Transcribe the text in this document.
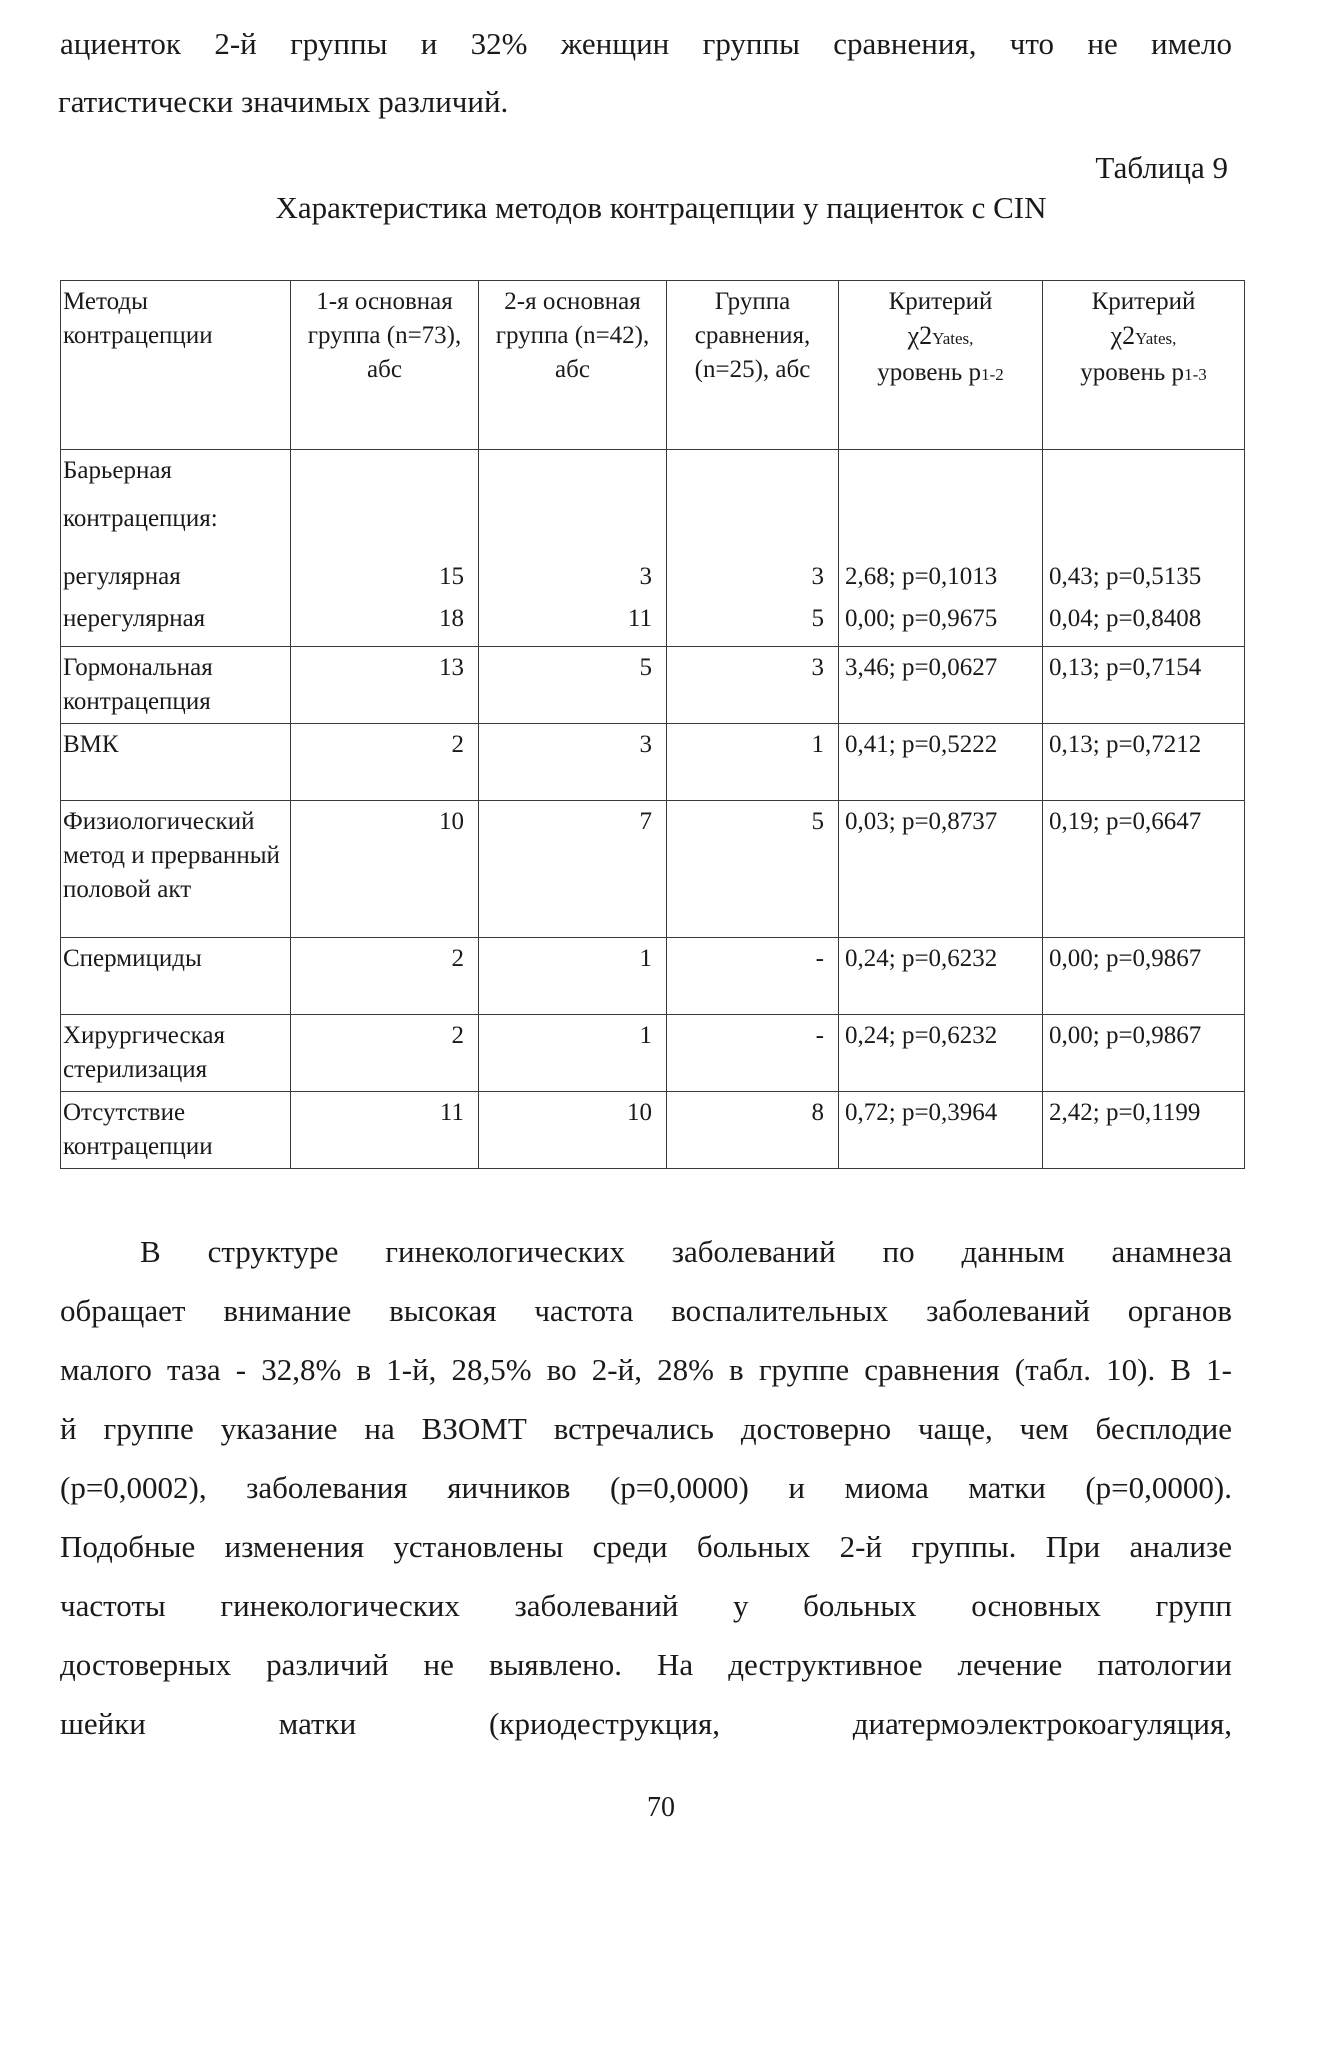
ациенток 2-й группы и 32% женщин группы сравнения, что не имело
гатистически значимых различий.
Таблица 9
Характеристика методов контрацепции у пациенток с CIN
Методы контрацепции	1-я основная группа (n=73), абс	2-я основная группа (n=42), абс	Группа сравнения, (n=25), абс	Критерий
χ2Yates,
уровень p1-2	Критерий
χ2Yates,
уровень p1-3
Барьерная
контрацепция:					
регулярная	15	3	3	2,68; p=0,1013	0,43; p=0,5135
нерегулярная	18	11	5	0,00; p=0,9675	0,04; p=0,8408
Гормональная контрацепция	13	5	3	3,46; p=0,0627	0,13; p=0,7154
ВМК	2	3	1	0,41; p=0,5222	0,13; p=0,7212
Физиологический метод и прерванный половой акт	10	7	5	0,03; p=0,8737	0,19; p=0,6647
Спермициды	2	1	-	0,24; p=0,6232	0,00; p=0,9867
Хирургическая стерилизация	2	1	-	0,24; p=0,6232	0,00; p=0,9867
Отсутствие контрацепции	11	10	8	0,72; p=0,3964	2,42; p=0,1199
В структуре гинекологических заболеваний по данным анамнеза
обращает внимание высокая частота воспалительных заболеваний органов
малого таза - 32,8% в 1-й, 28,5% во 2-й, 28% в группе сравнения (табл. 10). В 1-
й группе указание на ВЗОМТ встречались достоверно чаще, чем бесплодие
(p=0,0002), заболевания яичников (p=0,0000) и миома матки (p=0,0000).
Подобные изменения установлены среди больных 2-й группы. При анализе
частоты гинекологических заболеваний у больных основных групп
достоверных различий не выявлено. На деструктивное лечение патологии
шейки матки (криодеструкция, диатермоэлектрокоагуляция,
70
